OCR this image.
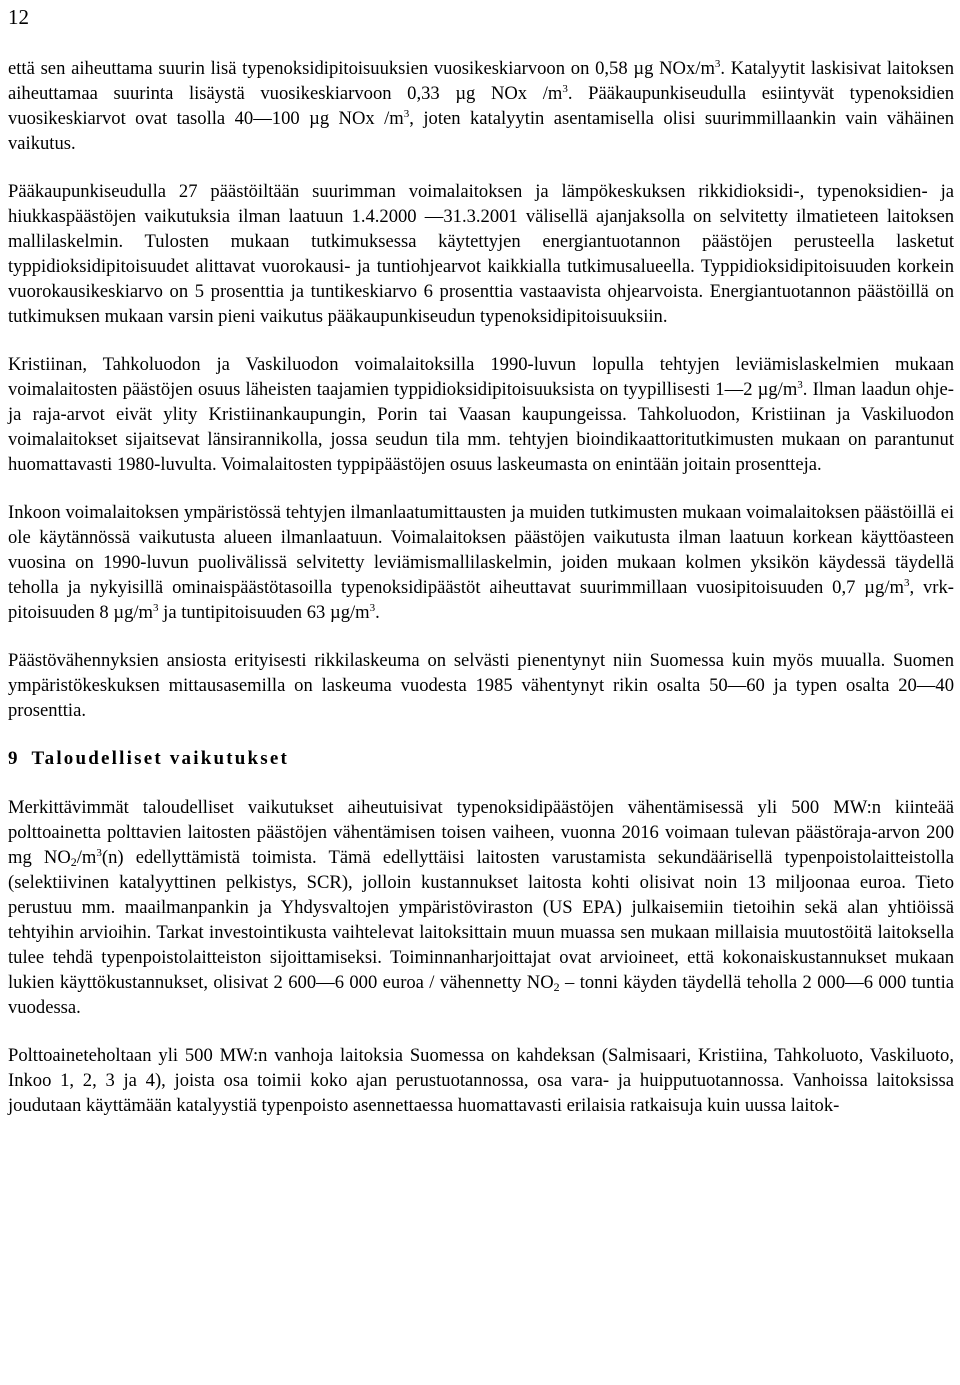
12

että sen aiheuttama suurin lisä typenoksidipitoisuuksien vuosikeskiarvoon on 0,58 µg NOx/$m^3$. Katalyytit laskisivat laitoksen aiheuttamaa suurinta lisäystä vuosikeskiarvoon 0,33 µg NOx $/m^3$. Pääkaupunkiseudulla esiintyvät typenoksidien vuosikeskiarvot ovat tasolla 40—100 µg NOx $/m^3$, joten katalyytin asentamisella olisi suurimmillaankin vain vähäinen vaikutus.

Pääkaupunkiseudulla 27 päästöiltään suurimman voimalaitoksen ja lämpökeskuksen rikkidioksidi-, typenoksidien- ja hiukkaspäästöjen vaikutuksia ilman laatuun 1.4.2000 —31.3.2001 välisellä ajanjaksolla on selvitetty ilmatieteen laitoksen mallilaskelmin. Tulosten mukaan tutkimuksessa käytettyjen energiantuotannon päästöjen perusteella lasketut typpidioksidipitoisuudet alittavat vuorokausi- ja tuntiohjearvot kaikkialla tutkimusalueella. Typpidioksidipitoisuuden korkein vuorokausikeskiarvo on 5 prosenttia ja tuntikeskiarvo 6 prosenttia vastaavista ohjearvoista. Energiantuotannon päästöillä on tutkimuksen mukaan varsin pieni vaikutus pääkaupunkiseudun typenoksidipitoisuuksiin.

Kristiinan, Tahkoluodon ja Vaskiluodon voimalaitoksilla 1990-luvun lopulla tehtyjen leviämislaskelmien mukaan voimalaitosten päästöjen osuus läheisten taajamien typpidioksidipitoisuuksista on tyypillisesti 1—2 $\mu g/m^3$. Ilman laadun ohje- ja raja-arvot eivät ylity Kristiinankaupungin, Porin tai Vaasan kaupungeissa. Tahkoluodon, Kristiinan ja Vaskiluodon voimalaitokset sijaitsevat länsirannikolla, jossa seudun tila mm. tehtyjen bioindikaattoritutkimusten mukaan on parantunut huomattavasti 1980-luvulta. Voimalaitosten typpipäästöjen osuus laskeumasta on enintään joitain prosentteja.

Inkoon voimalaitoksen ympäristössä tehtyjen ilmanlaatumittausten ja muiden tutkimusten mukaan voimalaitoksen päästöillä ei ole käytännössä vaikutusta alueen ilmanlaatuun. Voimalaitoksen päästöjen vaikutusta ilman laatuun korkean käyttöasteen vuosina on 1990-luvun puolivälissä selvitetty leviämismallilaskelmin, joiden mukaan kolmen yksikön käydessä täydellä teholla ja nykyisillä ominaispäästötasoilla typenoksidipäästöt aiheuttavat suurimmillaan vuosipitoisuuden 0,7 $\mu g/m^3$, vrk-pitoisuuden 8 $\mu g/m^3$ ja tuntipitoisuuden 63 $\mu g/m^3$.

Päästövähennyksien ansiosta erityisesti rikkilaskeuma on selvästi pienentynyt niin Suomessa kuin myös muualla. Suomen ympäristökeskuksen mittausasemilla on laskeuma vuodesta 1985 vähentynyt rikin osalta 50—60 ja typen osalta 20—40 prosenttia.

9 Taloudelliset vaikutukset

Merkittävimmät taloudelliset vaikutukset aiheutuisivat typenoksidipäästöjen vähentämisessä yli 500 MW:n kiinteää polttoainetta polttavien laitosten päästöjen vähentämisen toisen vaiheen, vuonna 2016 voimaan tulevan päästöraja-arvon 200 mg $NO_2/m^3(n)$ edellyttämistä toimista. Tämä edellyttäisi laitosten varustamista sekundäärisellä typenpoistolaitteistolla (selektiivinen katalyyttinen pelkistys, SCR), jolloin kustannukset laitosta kohti olisivat noin 13 miljoonaa euroa. Tieto perustuu mm. maailmanpankin ja Yhdysvaltojen ympäristöviraston (US EPA) julkaisemiin tietoihin sekä alan yhtiöissä tehtyihin arvioihin. Tarkat investointikusta vaihtelevat laitoksittain muun muassa sen mukaan millaisia muutostöitä laitoksella tulee tehdä typenpoistolaitteiston sijoittamiseksi. Toiminnanharjoittajat ovat arvioineet, että kokonaiskustannukset mukaan lukien käyttökustannukset, olisivat 2 600—6 000 euroa / vähennetty $NO_2$ – tonni käyden täydellä teholla 2 000—6 000 tuntia vuodessa.

Polttoaineteholtaan yli 500 MW:n vanhoja laitoksia Suomessa on kahdeksan (Salmisaari, Kristiina, Tahkoluoto, Vaskiluoto, Inkoo 1, 2, 3 ja 4), joista osa toimii koko ajan perustuotannossa, osa vara- ja huipputuotannossa. Vanhoissa laitoksissa joudutaan käyttämään katalyystiä typenpoisto asennettaessa huomattavasti erilaisia ratkaisuja kuin uussa laitok-
